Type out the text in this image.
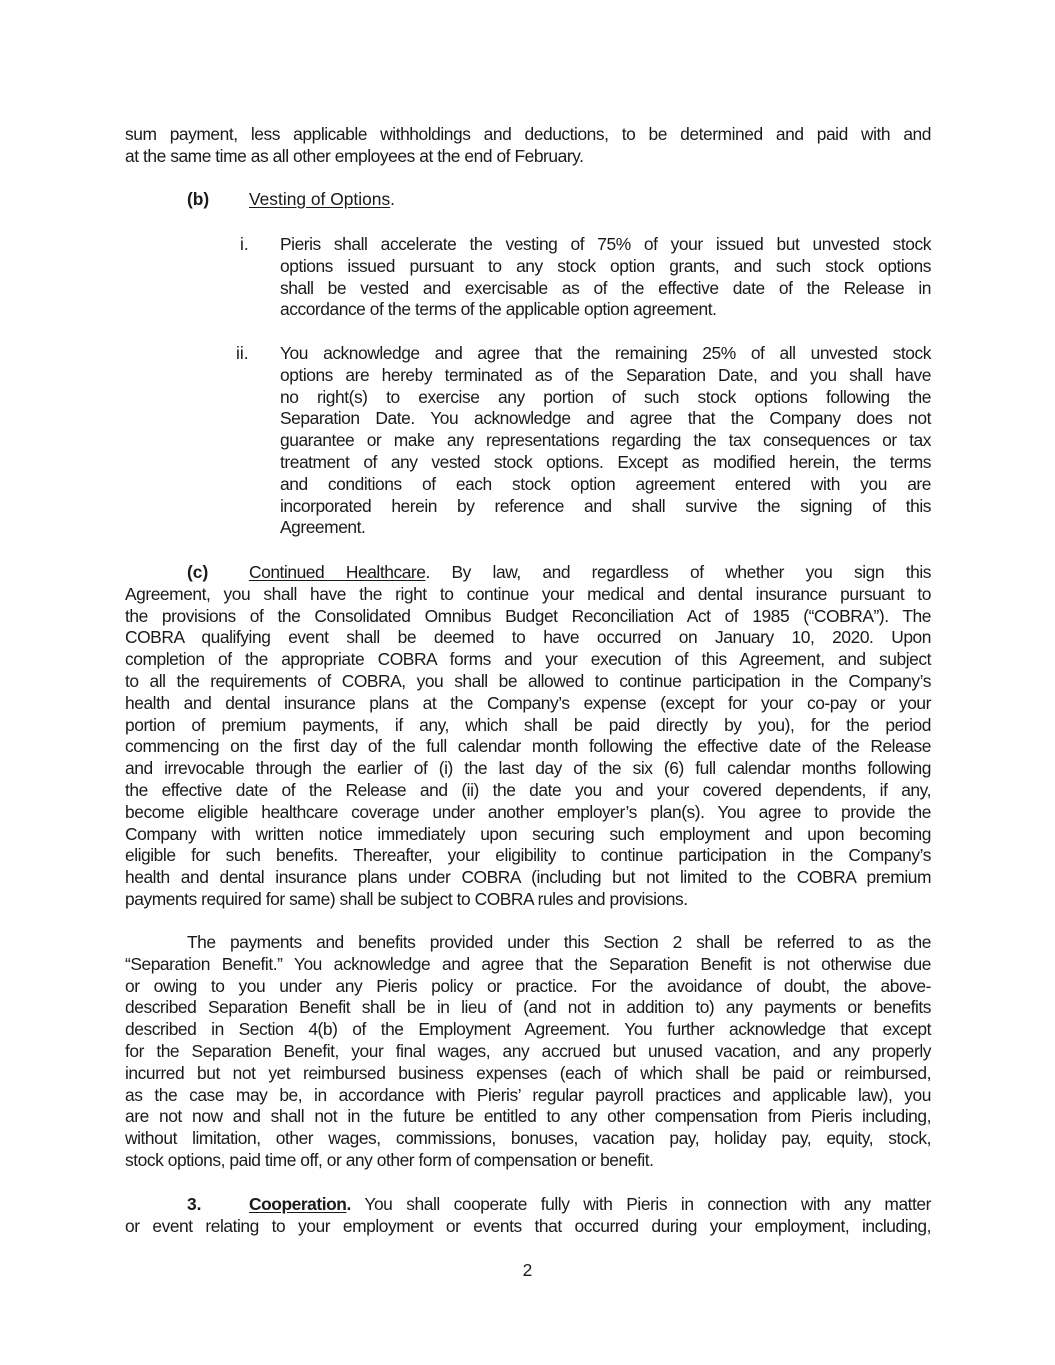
sum payment, less applicable withholdings and deductions, to be determined and paid with and
at the same time as all other employees at the end of February.
(b) Vesting of Options.
i. Pieris shall accelerate the vesting of 75% of your issued but unvested stock
options issued pursuant to any stock option grants, and such stock options
shall be vested and exercisable as of the effective date of the Release in
accordance of the terms of the applicable option agreement.
ii. You acknowledge and agree that the remaining 25% of all unvested stock
options are hereby terminated as of the Separation Date, and you shall have
no right(s) to exercise any portion of such stock options following the
Separation Date. You acknowledge and agree that the Company does not
guarantee or make any representations regarding the tax consequences or tax
treatment of any vested stock options. Except as modified herein, the terms
and conditions of each stock option agreement entered with you are
incorporated herein by reference and shall survive the signing of this
Agreement.
(c) Continued Healthcare. By law, and regardless of whether you sign this
Agreement, you shall have the right to continue your medical and dental insurance pursuant to
the provisions of the Consolidated Omnibus Budget Reconciliation Act of 1985 (“COBRA”). The
COBRA qualifying event shall be deemed to have occurred on January 10, 2020. Upon
completion of the appropriate COBRA forms and your execution of this Agreement, and subject
to all the requirements of COBRA, you shall be allowed to continue participation in the Company’s
health and dental insurance plans at the Company’s expense (except for your co-pay or your
portion of premium payments, if any, which shall be paid directly by you), for the period
commencing on the first day of the full calendar month following the effective date of the Release
and irrevocable through the earlier of (i) the last day of the six (6) full calendar months following
the effective date of the Release and (ii) the date you and your covered dependents, if any,
become eligible healthcare coverage under another employer’s plan(s). You agree to provide the
Company with written notice immediately upon securing such employment and upon becoming
eligible for such benefits. Thereafter, your eligibility to continue participation in the Company’s
health and dental insurance plans under COBRA (including but not limited to the COBRA premium
payments required for same) shall be subject to COBRA rules and provisions.
The payments and benefits provided under this Section 2 shall be referred to as the
“Separation Benefit.” You acknowledge and agree that the Separation Benefit is not otherwise due
or owing to you under any Pieris policy or practice. For the avoidance of doubt, the above-
described Separation Benefit shall be in lieu of (and not in addition to) any payments or benefits
described in Section 4(b) of the Employment Agreement. You further acknowledge that except
for the Separation Benefit, your final wages, any accrued but unused vacation, and any properly
incurred but not yet reimbursed business expenses (each of which shall be paid or reimbursed,
as the case may be, in accordance with Pieris’ regular payroll practices and applicable law), you
are not now and shall not in the future be entitled to any other compensation from Pieris including,
without limitation, other wages, commissions, bonuses, vacation pay, holiday pay, equity, stock,
stock options, paid time off, or any other form of compensation or benefit.
3.	Cooperation. You shall cooperate fully with Pieris in connection with any matter
or event relating to your employment or events that occurred during your employment, including,
2
